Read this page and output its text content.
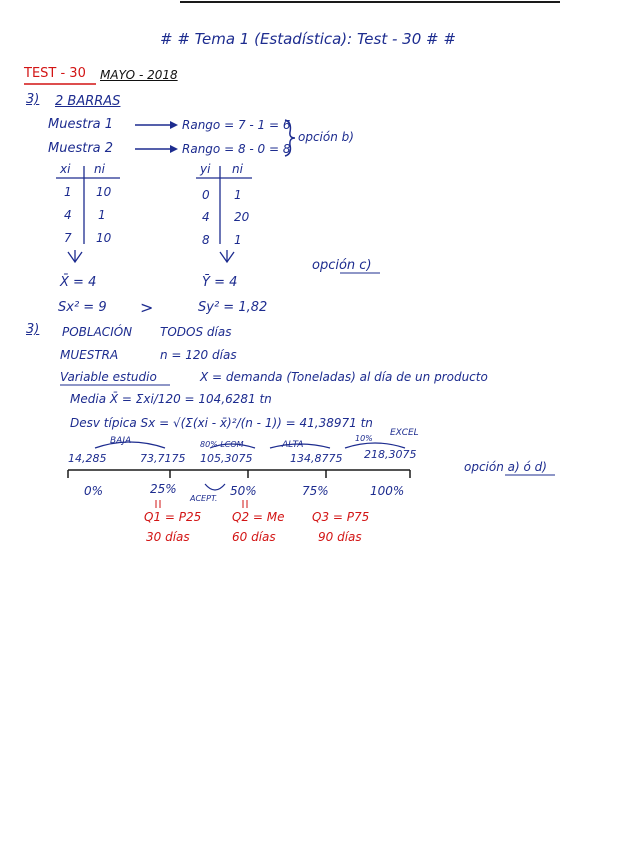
# # Tema 1 (Estadística): Test - 30 # #
TEST - 30 MAYO - 2018
3) 2 BARRAS
Muestra 1	Rango = 7 - 1 = 6
Muestra 2	Rango = 8 - 0 = 8
opción b)
xi ni
1 10
4 1
7 10
yi ni
0 1
4 20
8 1
X̄ = 4	Ȳ = 4
opción c)
Sx² = 9 >	Sy² = 1,82
3) POBLACIÓN TODOS días
MUESTRA	n = 120 días
Variable estudio	X = demanda (Toneladas) al día de un producto
Media X̄ = Σxi/120 = 104,6281 tn
Desv típica Sx = √(Σ(xi - x̄)²/(n - 1)) = 41,38971 tn
BAJA	80% LCOM	ALTA
10%
EXCEL
14,285	73,7175 105,3075	134,8775 218,3075
0%	25%	50%	75%	100%
ACEPT.
opción a) ó d)
Q1 = P25	Q2 = Me Q3 = P75
30 días	60 días	90 días
